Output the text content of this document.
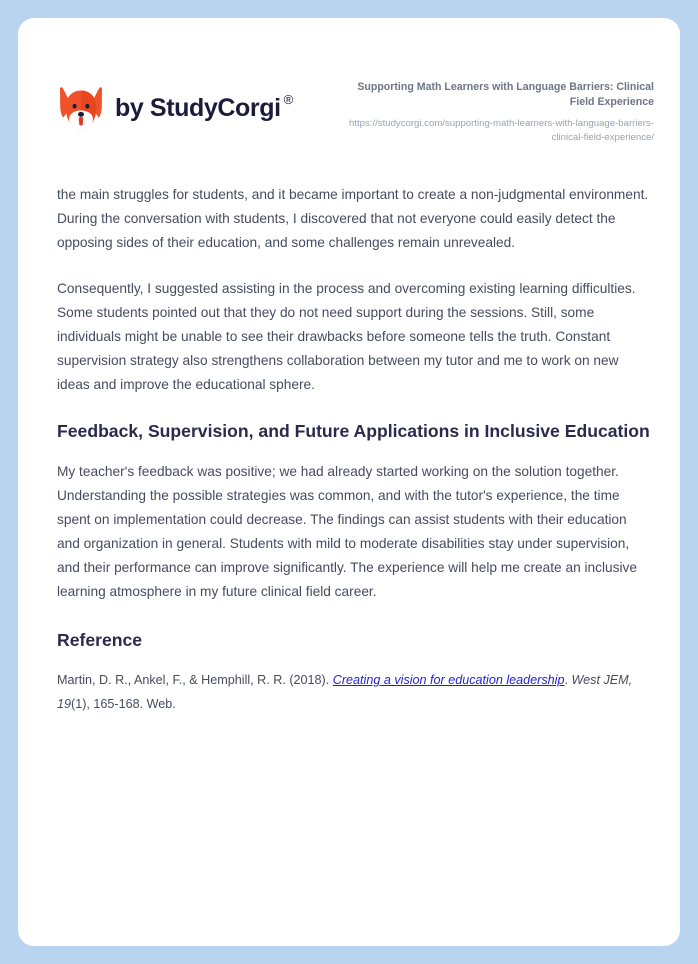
by StudyCorgi ®

Supporting Math Learners with Language Barriers: Clinical Field Experience

https://studycorgi.com/supporting-math-learners-with-language-barriers-clinical-field-experience/

the main struggles for students, and it became important to create a non-judgmental environment. During the conversation with students, I discovered that not everyone could easily detect the opposing sides of their education, and some challenges remain unrevealed.

Consequently, I suggested assisting in the process and overcoming existing learning difficulties. Some students pointed out that they do not need support during the sessions. Still, some individuals might be unable to see their drawbacks before someone tells the truth. Constant supervision strategy also strengthens collaboration between my tutor and me to work on new ideas and improve the educational sphere.

Feedback, Supervision, and Future Applications in Inclusive Education

My teacher's feedback was positive; we had already started working on the solution together. Understanding the possible strategies was common, and with the tutor's experience, the time spent on implementation could decrease. The findings can assist students with their education and organization in general. Students with mild to moderate disabilities stay under supervision, and their performance can improve significantly. The experience will help me create an inclusive learning atmosphere in my future clinical field career.

Reference

Martin, D. R., Ankel, F., & Hemphill, R. R. (2018). Creating a vision for education leadership. West JEM, 19(1), 165-168. Web.
